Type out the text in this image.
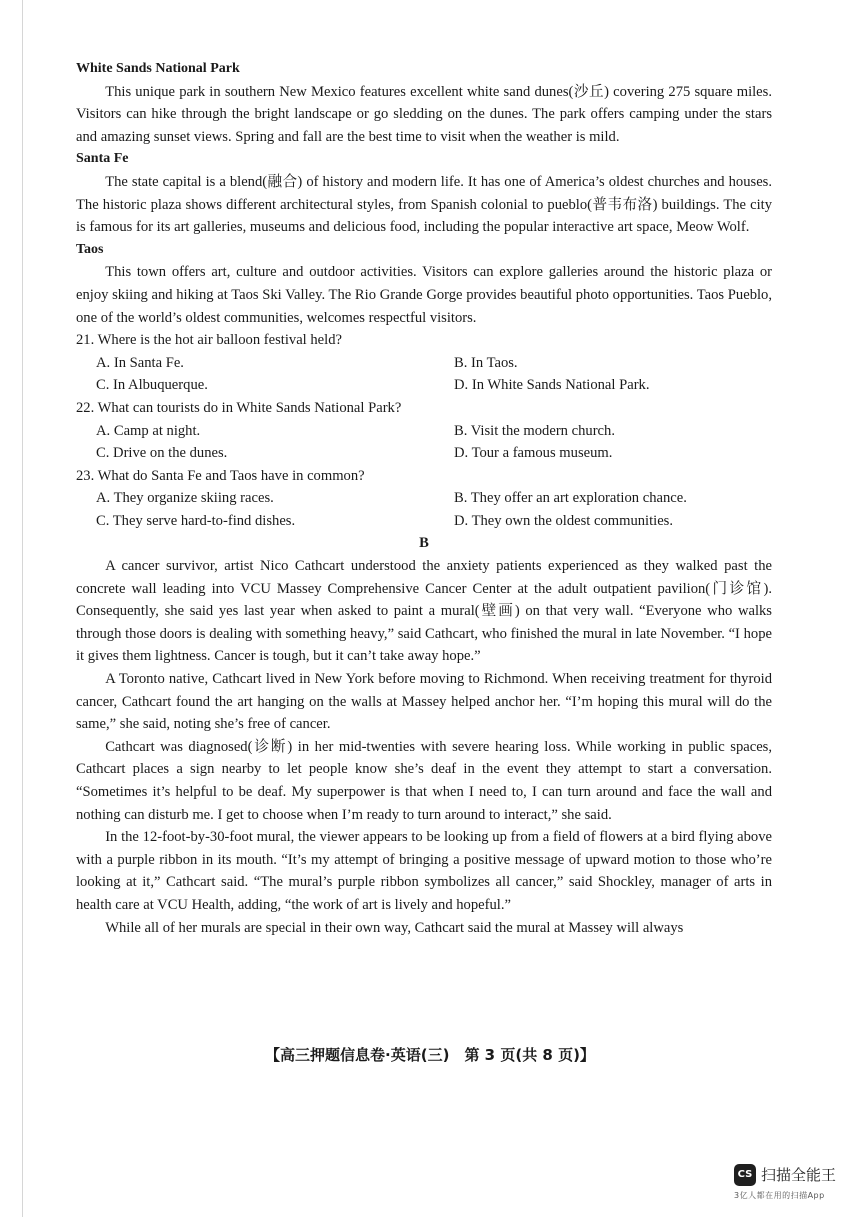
White Sands National Park

This unique park in southern New Mexico features excellent white sand dunes(沙丘) covering 275 square miles. Visitors can hike through the bright landscape or go sledding on the dunes. The park offers camping under the stars and amazing sunset views. Spring and fall are the best time to visit when the weather is mild.

Santa Fe

The state capital is a blend(融合) of history and modern life. It has one of America’s oldest churches and houses. The historic plaza shows different architectural styles, from Spanish colonial to pueblo(普韦布洛) buildings. The city is famous for its art galleries, museums and delicious food, including the popular interactive art space, Meow Wolf.

Taos

This town offers art, culture and outdoor activities. Visitors can explore galleries around the historic plaza or enjoy skiing and hiking at Taos Ski Valley. The Rio Grande Gorge provides beautiful photo opportunities. Taos Pueblo, one of the world’s oldest communities, welcomes respectful visitors.

21. Where is the hot air balloon festival held?

A. In Santa Fe.	B. In Taos.
C. In Albuquerque.	D. In White Sands National Park.

22. What can tourists do in White Sands National Park?

A. Camp at night.	B. Visit the modern church.
C. Drive on the dunes.	D. Tour a famous museum.

23. What do Santa Fe and Taos have in common?

A. They organize skiing races.	B. They offer an art exploration chance.
C. They serve hard-to-find dishes.	D. They own the oldest communities.

B

A cancer survivor, artist Nico Cathcart understood the anxiety patients experienced as they walked past the concrete wall leading into VCU Massey Comprehensive Cancer Center at the adult outpatient pavilion(门诊馆). Consequently, she said yes last year when asked to paint a mural(壁画) on that very wall. “Everyone who walks through those doors is dealing with something heavy,” said Cathcart, who finished the mural in late November. “I hope it gives them lightness. Cancer is tough, but it can’t take away hope.”

A Toronto native, Cathcart lived in New York before moving to Richmond. When receiving treatment for thyroid cancer, Cathcart found the art hanging on the walls at Massey helped anchor her. “I’m hoping this mural will do the same,” she said, noting she’s free of cancer.

Cathcart was diagnosed(诊断) in her mid-twenties with severe hearing loss. While working in public spaces, Cathcart places a sign nearby to let people know she’s deaf in the event they attempt to start a conversation. “Sometimes it’s helpful to be deaf. My superpower is that when I need to, I can turn around and face the wall and nothing can disturb me. I get to choose when I’m ready to turn around to interact,” she said.

In the 12-foot-by-30-foot mural, the viewer appears to be looking up from a field of flowers at a bird flying above with a purple ribbon in its mouth. “It’s my attempt of bringing a positive message of upward motion to those who’re looking at it,” Cathcart said. “The mural’s purple ribbon symbolizes all cancer,” said Shockley, manager of arts in health care at VCU Health, adding, “the work of art is lively and hopeful.”

While all of her murals are special in their own way, Cathcart said the mural at Massey will always

【高三押题信息卷·英语(三)　第 3 页(共 8 页)】
CS 扫描全能王
3亿人都在用的扫描App
